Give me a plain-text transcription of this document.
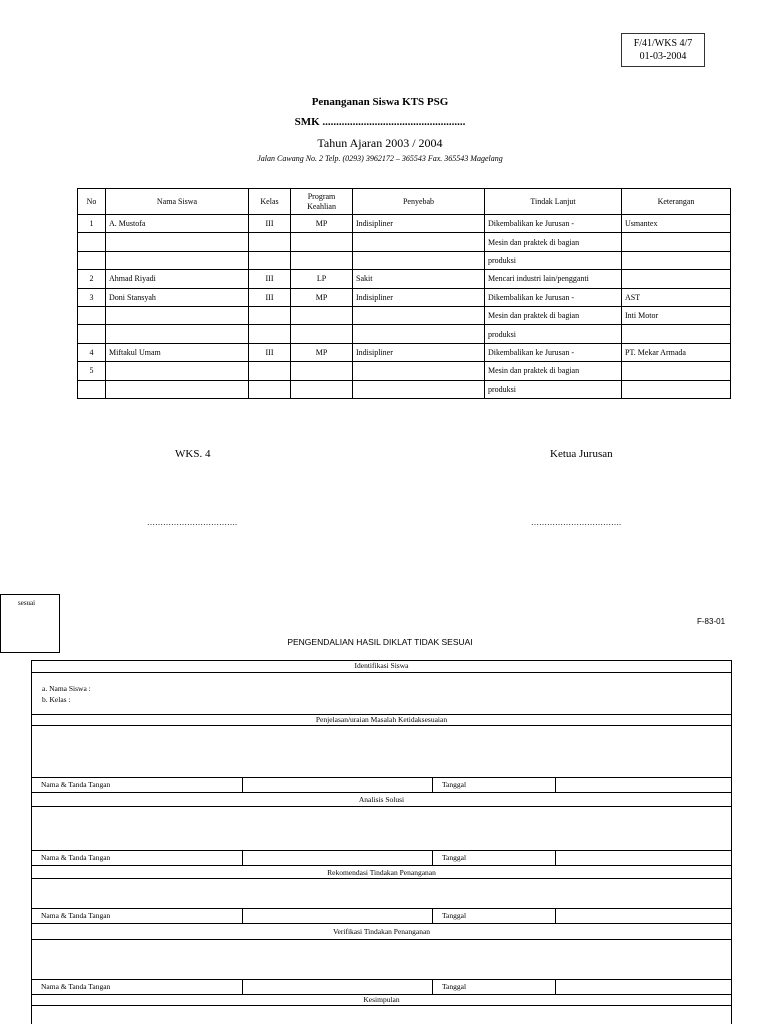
F/41/WKS 4/7
01-03-2004
Penanganan Siswa KTS PSG
SMK ....................................................
Tahun Ajaran 2003 / 2004
Jalan Cawang No. 2 Telp. (0293) 3962172 – 365543 Fax. 365543 Magelang
No	Nama Siswa	Kelas	Program Keahlian	Penyebab	Tindak Lanjut	Keterangan
1	A. Mustofa	III	MP	Indisipliner	Dikembalikan ke Jurusan -	Usmantex
					Mesin dan praktek di bagian	
					produksi	
2	Ahmad Riyadi	III	LP	Sakit	Mencari industri lain/pengganti	
3	Doni Stansyah	III	MP	Indisipliner	Dikembalikan ke Jurusan -	AST
					Mesin dan praktek di bagian	Inti Motor
					produksi	
4	Miftakul Umam	III	MP	Indisipliner	Dikembalikan ke Jurusan -	PT. Mekar Armada
5					Mesin dan praktek di bagian	
					produksi	
WKS. 4	Ketua Jurusan
…………………………….	…………………………….
sesuai
F-83-01
PENGENDALIAN HASIL DIKLAT TIDAK SESUAI
Identifikasi Siswa
a. Nama Siswa :
b. Kelas :
Penjelasan/uraian Masalah Ketidaksesuaian
Nama & Tanda Tangan	Tanggal
Analisis Solusi
Nama & Tanda Tangan	Tanggal
Rekomendasi Tindakan Penanganan
Nama & Tanda Tangan	Tanggal
Verifikasi Tindakan Penanganan
Nama & Tanda Tangan	Tanggal
Kesimpulan
